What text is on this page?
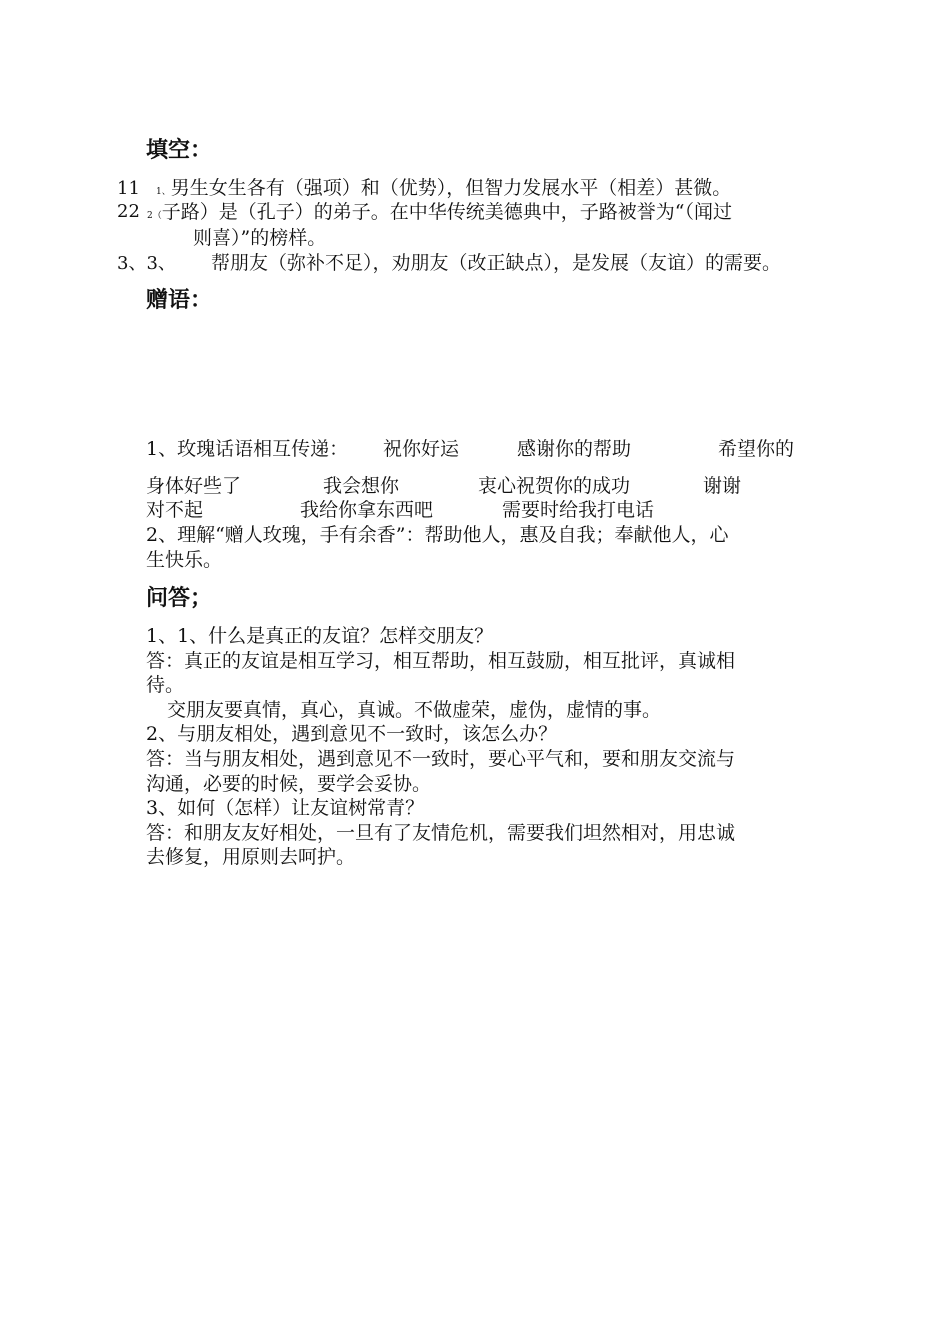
填空：
11 1、男生女生各有（强项）和（优势），但智力发展水平（相差）甚微。
22 2（子路）是（孔子）的弟子。在中华传统美德典中，子路被誉为“（闻过
则喜）”的榜样。
3、3、 帮朋友（弥补不足），劝朋友（改正缺点），是发展（友谊）的需要。
赠语：
1、玫瑰话语相互传递： 祝你好运	感谢你的帮助	希望你的
身体好些了	我会想你	衷心祝贺你的成功	谢谢
对不起	我给你拿东西吧	需要时给我打电话
2、理解“赠人玫瑰，手有余香”：帮助他人，惠及自我；奉献他人，心
生快乐。
问答；
1、1、什么是真正的友谊？怎样交朋友？
答：真正的友谊是相互学习，相互帮助，相互鼓励，相互批评，真诚相
待。
交朋友要真情，真心，真诚。不做虚荣，虚伪，虚情的事。
2、与朋友相处，遇到意见不一致时，该怎么办？
答：当与朋友相处，遇到意见不一致时，要心平气和，要和朋友交流与
沟通，必要的时候，要学会妥协。
3、如何（怎样）让友谊树常青？
答：和朋友友好相处，一旦有了友情危机，需要我们坦然相对，用忠诚
去修复，用原则去呵护。
